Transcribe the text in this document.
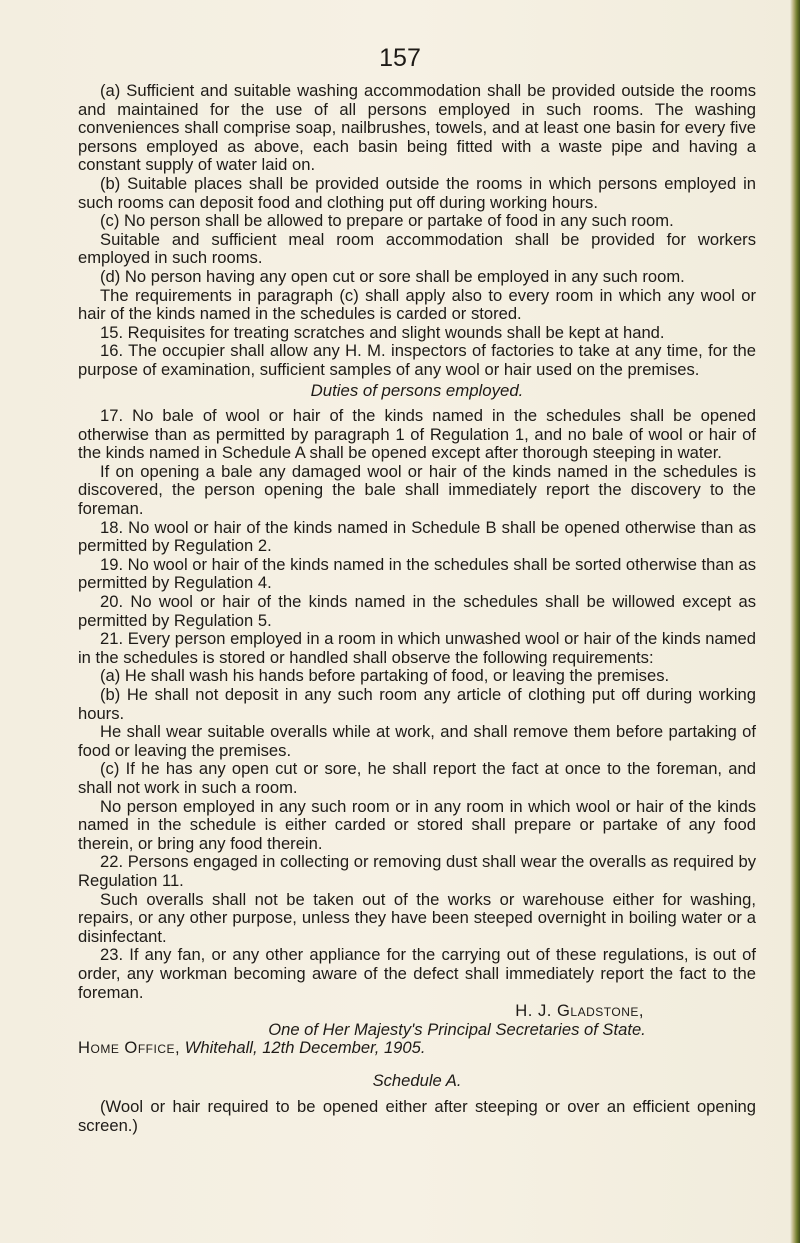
157

(a) Sufficient and suitable washing accommodation shall be provided outside the rooms and maintained for the use of all persons employed in such rooms. The washing conveniences shall comprise soap, nailbrushes, towels, and at least one basin for every five persons employed as above, each basin being fitted with a waste pipe and having a constant supply of water laid on.

(b) Suitable places shall be provided outside the rooms in which persons employed in such rooms can deposit food and clothing put off during working hours.

(c) No person shall be allowed to prepare or partake of food in any such room.

Suitable and sufficient meal room accommodation shall be provided for workers employed in such rooms.

(d) No person having any open cut or sore shall be employed in any such room.

The requirements in paragraph (c) shall apply also to every room in which any wool or hair of the kinds named in the schedules is carded or stored.

15. Requisites for treating scratches and slight wounds shall be kept at hand.

16. The occupier shall allow any H. M. inspectors of factories to take at any time, for the purpose of examination, sufficient samples of any wool or hair used on the premises.

Duties of persons employed.

17. No bale of wool or hair of the kinds named in the schedules shall be opened otherwise than as permitted by paragraph 1 of Regulation 1, and no bale of wool or hair of the kinds named in Schedule A shall be opened except after thorough steeping in water.

If on opening a bale any damaged wool or hair of the kinds named in the schedules is discovered, the person opening the bale shall immediately report the discovery to the foreman.

18. No wool or hair of the kinds named in Schedule B shall be opened otherwise than as permitted by Regulation 2.

19. No wool or hair of the kinds named in the schedules shall be sorted otherwise than as permitted by Regulation 4.

20. No wool or hair of the kinds named in the schedules shall be willowed except as permitted by Regulation 5.

21. Every person employed in a room in which unwashed wool or hair of the kinds named in the schedules is stored or handled shall observe the following requirements:

(a) He shall wash his hands before partaking of food, or leaving the premises.

(b) He shall not deposit in any such room any article of clothing put off during working hours.

He shall wear suitable overalls while at work, and shall remove them before partaking of food or leaving the premises.

(c) If he has any open cut or sore, he shall report the fact at once to the foreman, and shall not work in such a room.

No person employed in any such room or in any room in which wool or hair of the kinds named in the schedule is either carded or stored shall prepare or partake of any food therein, or bring any food therein.

22. Persons engaged in collecting or removing dust shall wear the overalls as required by Regulation 11.

Such overalls shall not be taken out of the works or warehouse either for washing, repairs, or any other purpose, unless they have been steeped overnight in boiling water or a disinfectant.

23. If any fan, or any other appliance for the carrying out of these regulations, is out of order, any workman becoming aware of the defect shall immediately report the fact to the foreman.

H. J. Gladstone,
One of Her Majesty's Principal Secretaries of State.
Home Office, Whitehall, 12th December, 1905.
Schedule A.

(Wool or hair required to be opened either after steeping or over an efficient opening screen.)
